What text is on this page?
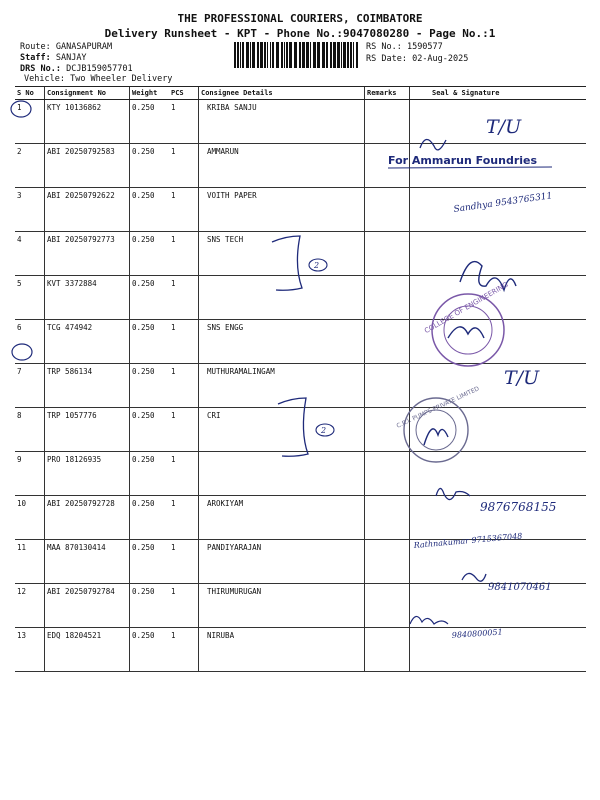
THE PROFESSIONAL COURIERS, COIMBATORE
Delivery Runsheet - KPT - Phone No.:9047080280 - Page No.:1
Route: GANASAPURAM
Staff: SANJAY
DRS No.: DCJB159057701
Vehicle: Two Wheeler Delivery
RS No.: 1590577
RS Date: 02-Aug-2025
S No	Consignment No	Weight	PCS	Consignee Details	Remarks	Seal & Signature
1	KTY 10136862	0.250	1	KRIBA SANJU		
2	ABI 20250792583	0.250	1	AMMARUN		
3	ABI 20250792622	0.250	1	VOITH PAPER		
4	ABI 20250792773	0.250	1	SNS TECH		
5	KVT 3372884	0.250	1			
6	TCG 474942	0.250	1	SNS ENGG		
7	TRP 586134	0.250	1	MUTHURAMALINGAM		
8	TRP 1057776	0.250	1	CRI		
9	PRO 18126935	0.250	1			
10	ABI 20250792728	0.250	1	AROKIYAM		
11	MAA 870130414	0.250	1	PANDIYARAJAN		
12	ABI 20250792784	0.250	1	THIRUMURUGAN		
13	EDQ 18204521	0.250	1	NIRUBA		
T/U
For Ammarun Foundries
Sandhya 9543765311
2
COLLEGE OF ENGINEERING
T/U
2
C.R.I. PUMPS PRIVATE LIMITED
9876768155
Rathnakumar 9715367048
9841070461
9840800051
